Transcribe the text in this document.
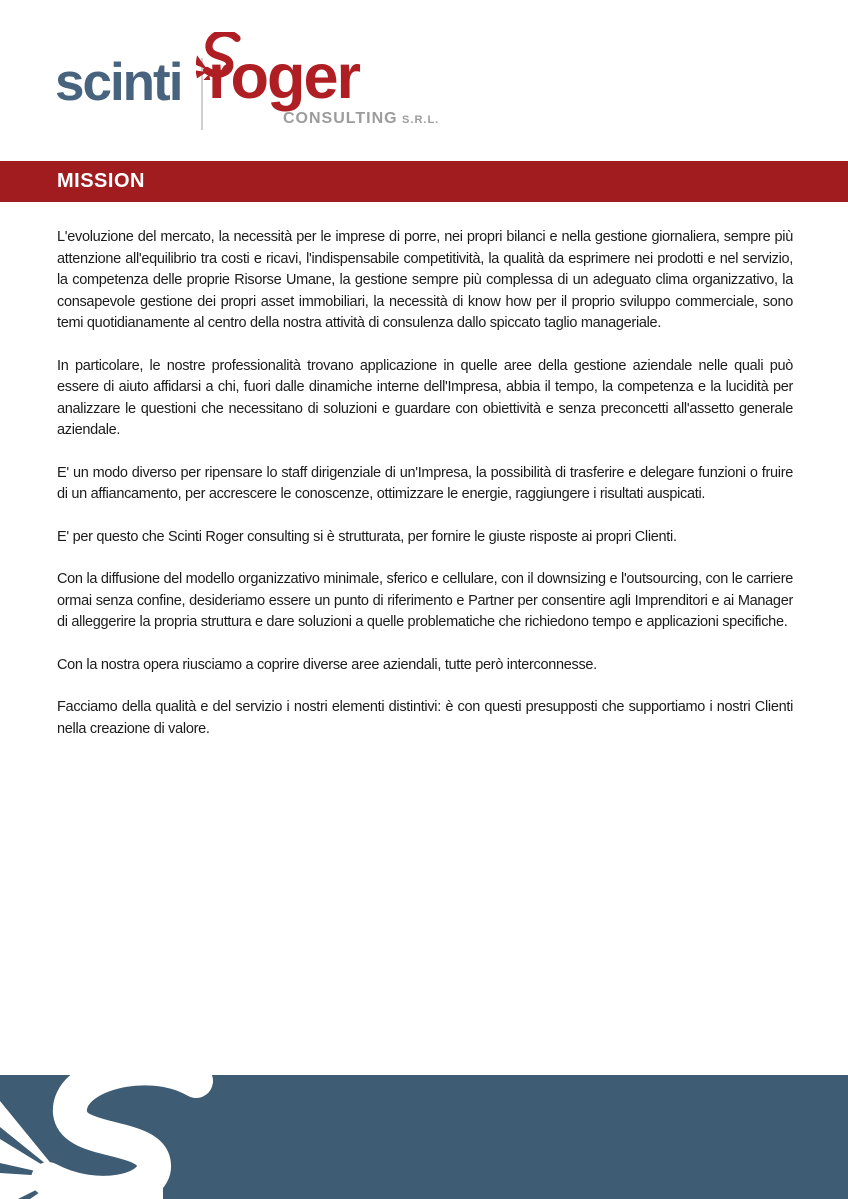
scinti roger
CONSULTING S.R.L.
MISSION

L'evoluzione del mercato, la necessità per le imprese di porre, nei propri bilanci e nella gestione giornaliera, sempre più attenzione all'equilibrio tra costi e ricavi, l'indispensabile competitività, la qualità da esprimere nei prodotti e nel servizio, la competenza delle proprie Risorse Umane, la gestione sempre più complessa di un adeguato clima organizzativo, la consapevole gestione dei propri asset immobiliari, la necessità di know how per il proprio sviluppo commerciale, sono temi quotidianamente al centro della nostra attività di consulenza dallo spiccato taglio manageriale.

In particolare, le nostre professionalità trovano applicazione in quelle aree della gestione aziendale nelle quali può essere di aiuto affidarsi a chi, fuori dalle dinamiche interne dell'Impresa, abbia il tempo, la competenza e la lucidità per analizzare le questioni che necessitano di soluzioni e guardare con obiettività e senza preconcetti all'assetto generale aziendale.

E' un modo diverso per ripensare lo staff dirigenziale di un'Impresa, la possibilità di trasferire e delegare funzioni o fruire di un affiancamento, per accrescere le conoscenze, ottimizzare le energie, raggiungere i risultati auspicati.

E' per questo che Scinti Roger consulting si è strutturata, per fornire le giuste risposte ai propri Clienti.

Con la diffusione del modello organizzativo minimale, sferico e cellulare, con il downsizing e l'outsourcing, con le carriere ormai senza confine, desideriamo essere un punto di riferimento e Partner per consentire agli Imprenditori e ai Manager di alleggerire la propria struttura e dare soluzioni a quelle problematiche che richiedono tempo e applicazioni specifiche.

Con la nostra opera riusciamo a coprire diverse aree aziendali, tutte però interconnesse.

Facciamo della qualità e del servizio i nostri elementi distintivi: è con questi presupposti che supportiamo i nostri Clienti nella creazione di valore.
